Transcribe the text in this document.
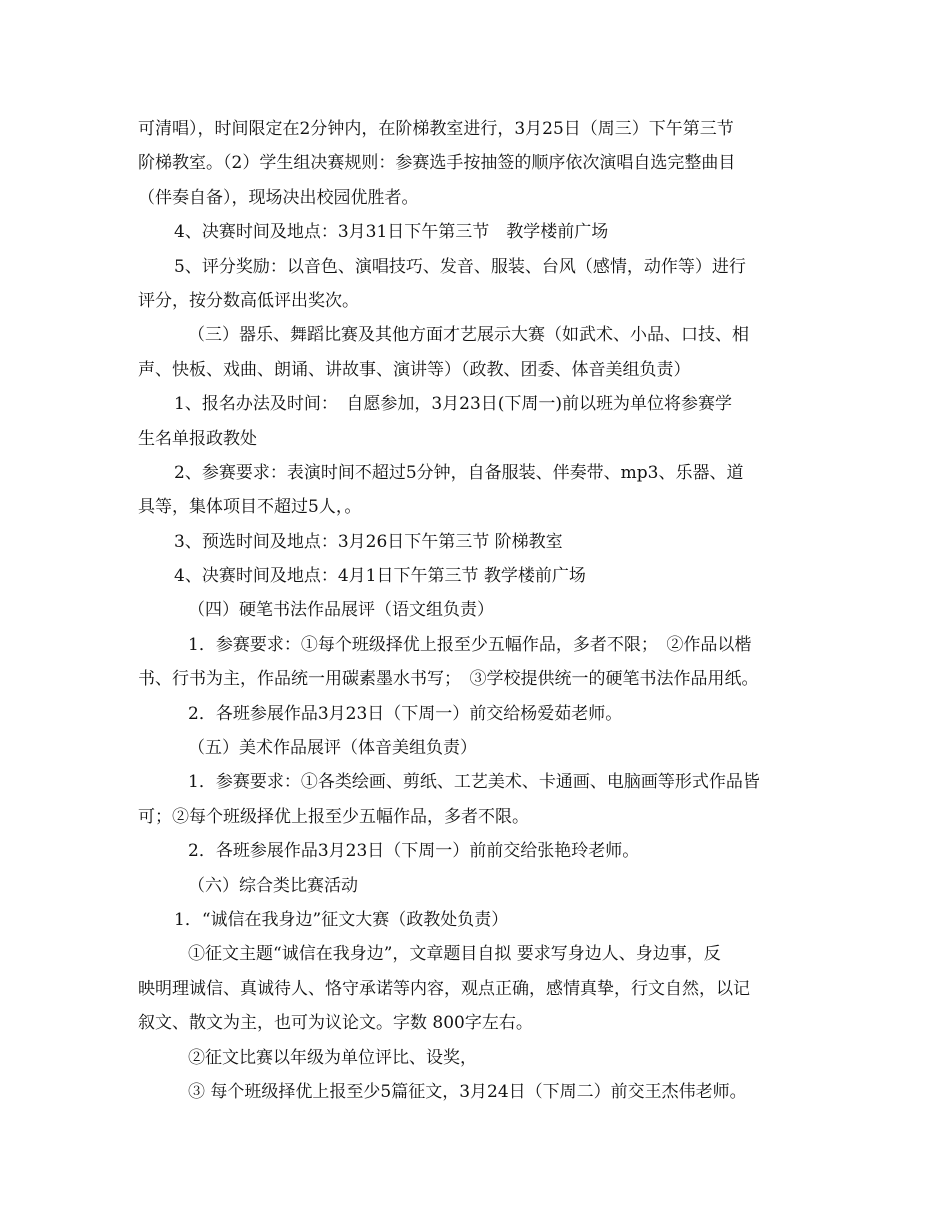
可清唱），时间限定在2分钟内，在阶梯教室进行，3月25日（周三）下午第三节
阶梯教室。（2）学生组决赛规则：参赛选手按抽签的顺序依次演唱自选完整曲目
（伴奏自备），现场决出校园优胜者。
4、决赛时间及地点：3月31日下午第三节　教学楼前广场
5、评分奖励：以音色、演唱技巧、发音、服装、台风（感情，动作等）进行
评分，按分数高低评出奖次。
（三）器乐、舞蹈比赛及其他方面才艺展示大赛（如武术、小品、口技、相
声、快板、戏曲、朗诵、讲故事、演讲等）（政教、团委、体音美组负责）
1、报名办法及时间：　自愿参加，3月23日(下周一)前以班为单位将参赛学
生名单报政教处
2、参赛要求：表演时间不超过5分钟，自备服装、伴奏带、mp3、乐器、道
具等，集体项目不超过5人，。
3、预选时间及地点：3月26日下午第三节 阶梯教室
4、决赛时间及地点：4月1日下午第三节 教学楼前广场
（四）硬笔书法作品展评（语文组负责）
1．参赛要求：①每个班级择优上报至少五幅作品，多者不限；　②作品以楷
书、行书为主，作品统一用碳素墨水书写；　③学校提供统一的硬笔书法作品用纸。
2．各班参展作品3月23日（下周一）前交给杨爱茹老师。
（五）美术作品展评（体音美组负责）
1．参赛要求：①各类绘画、剪纸、工艺美术、卡通画、电脑画等形式作品皆
可；②每个班级择优上报至少五幅作品，多者不限。
2．各班参展作品3月23日（下周一）前前交给张艳玲老师。
（六）综合类比赛活动
1．“诚信在我身边”征文大赛（政教处负责）
①征文主题“诚信在我身边”，文章题目自拟 要求写身边人、身边事，反
映明理诚信、真诚待人、恪守承诺等内容，观点正确，感情真挚，行文自然，以记
叙文、散文为主，也可为议论文。字数 800字左右。
②征文比赛以年级为单位评比、设奖，
③ 每个班级择优上报至少5篇征文，3月24日（下周二）前交王杰伟老师。
